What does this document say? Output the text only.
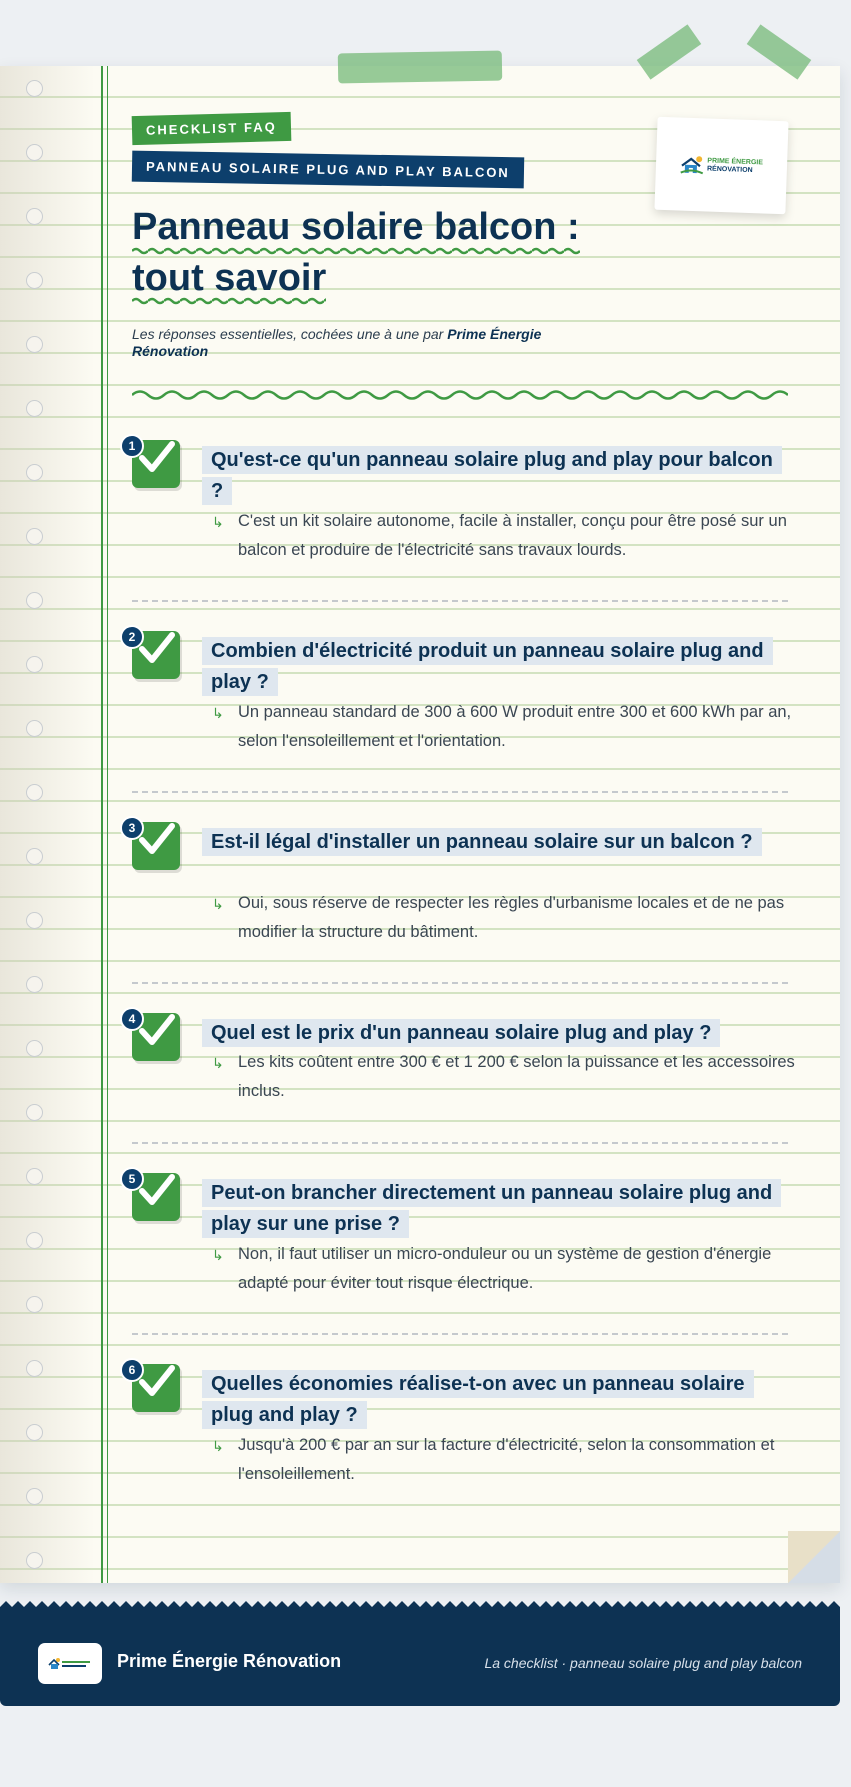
CHECKLIST FAQ
PANNEAU SOLAIRE PLUG AND PLAY BALCON
Panneau solaire balcon :
tout savoir
Les réponses essentielles, cochées une à une par Prime Énergie Rénovation
PRIME ÉNERGIE
RÉNOVATION
1
Qu'est-ce qu'un panneau solaire plug and play pour balcon ?
↳ C'est un kit solaire autonome, facile à installer, conçu pour être posé sur un balcon et produire de l'électricité sans travaux lourds.
2
Combien d'électricité produit un panneau solaire plug and play ?
↳ Un panneau standard de 300 à 600 W produit entre 300 et 600 kWh par an, selon l'ensoleillement et l'orientation.
3
Est-il légal d'installer un panneau solaire sur un balcon ?
↳ Oui, sous réserve de respecter les règles d'urbanisme locales et de ne pas modifier la structure du bâtiment.
4
Quel est le prix d'un panneau solaire plug and play ?
↳ Les kits coûtent entre 300 € et 1 200 € selon la puissance et les accessoires inclus.
5
Peut-on brancher directement un panneau solaire plug and play sur une prise ?
↳ Non, il faut utiliser un micro-onduleur ou un système de gestion d'énergie adapté pour éviter tout risque électrique.
6
Quelles économies réalise-t-on avec un panneau solaire plug and play ?
↳ Jusqu'à 200 € par an sur la facture d'électricité, selon la consommation et l'ensoleillement.
Prime Énergie Rénovation	La checklist · panneau solaire plug and play balcon
